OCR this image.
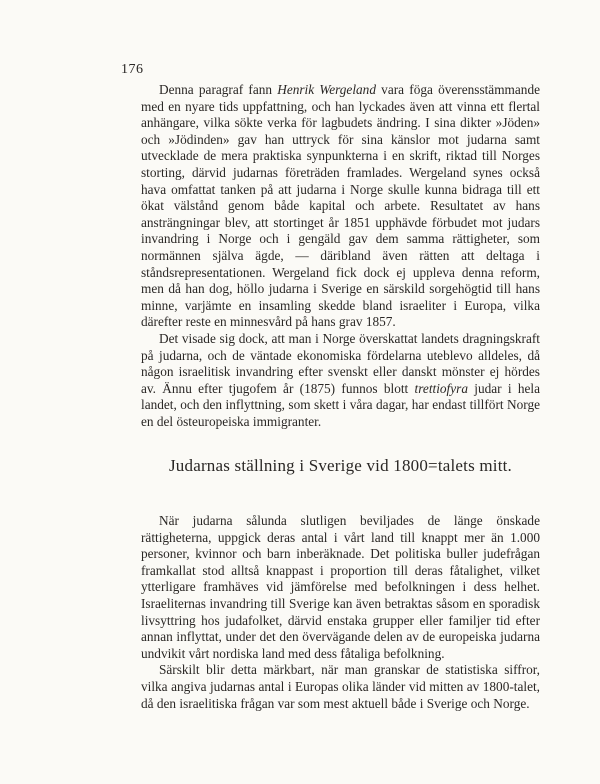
176

Denna paragraf fann Henrik Wergeland vara föga överensstämmande med en nyare tids uppfattning, och han lyckades även att vinna ett flertal anhängare, vilka sökte verka för lagbudets ändring. I sina dikter »Jöden» och »Jödinden» gav han uttryck för sina känslor mot judarna samt utvecklade de mera praktiska synpunkterna i en skrift, riktad till Norges storting, därvid judarnas företräden framlades. Wergeland synes också hava omfattat tanken på att judarna i Norge skulle kunna bidraga till ett ökat välstånd genom både kapital och arbete. Resultatet av hans ansträngningar blev, att stortinget år 1851 upphävde förbudet mot judars invandring i Norge och i gengäld gav dem samma rättigheter, som normännen själva ägde, — däribland även rätten att deltaga i ståndsrepresentationen. Wergeland fick dock ej uppleva denna reform, men då han dog, höllo judarna i Sverige en särskild sorgehögtid till hans minne, varjämte en insamling skedde bland israeliter i Europa, vilka därefter reste en minnesvård på hans grav 1857.

Det visade sig dock, att man i Norge överskattat landets dragningskraft på judarna, och de väntade ekonomiska fördelarna uteblevo alldeles, då någon israelitisk invandring efter svenskt eller danskt mönster ej hördes av. Ännu efter tjugofem år (1875) funnos blott trettiofyra judar i hela landet, och den inflyttning, som skett i våra dagar, har endast tillfört Norge en del östeuropeiska immigranter.

Judarnas ställning i Sverige vid 1800=talets mitt.

När judarna sålunda slutligen beviljades de länge önskade rättigheterna, uppgick deras antal i vårt land till knappt mer än 1.000 personer, kvinnor och barn inberäknade. Det politiska buller judefrågan framkallat stod alltså knappast i proportion till deras fåtalighet, vilket ytterligare framhäves vid jämförelse med befolkningen i dess helhet. Israeliternas invandring till Sverige kan även betraktas såsom en sporadisk livsyttring hos judafolket, därvid enstaka grupper eller familjer tid efter annan inflyttat, under det den övervägande delen av de europeiska judarna undvikit vårt nordiska land med dess fåtaliga befolkning.

Särskilt blir detta märkbart, när man granskar de statistiska siffror, vilka angiva judarnas antal i Europas olika länder vid mitten av 1800-talet, då den israelitiska frågan var som mest aktuell både i Sverige och Norge.
